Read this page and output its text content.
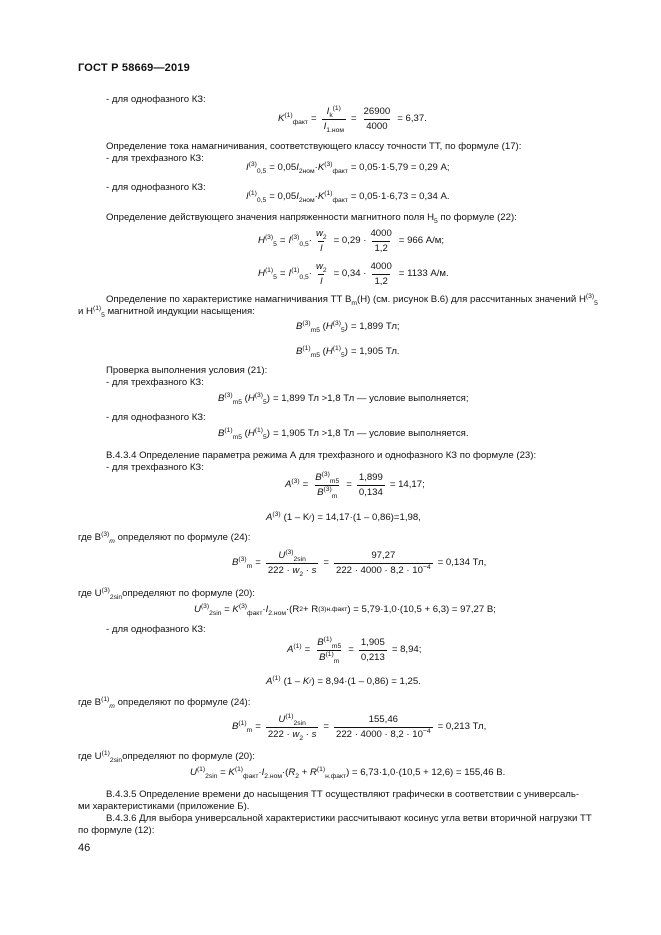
ГОСТ Р 58669—2019
- для однофазного КЗ:
$K^{(1)}_{факт} = \frac{I_k^{(1)}}{I_{1.ном}} = \frac{26900}{4000} = 6,37$.
Определение тока намагничивания, соответствующего классу точности ТТ, по формуле (17):
- для трехфазного КЗ:
$I^{(3)}_{0,5} = 0,05I_{2ном}\cdot K^{(3)}_{факт} = 0,05\cdot 1\cdot 5,79 = 0,29$ А;
- для однофазного КЗ:
$I^{(1)}_{0,5} = 0,05I_{2ном}\cdot K^{(1)}_{факт} = 0,05\cdot 1\cdot 6,73 = 0,34$ А.
Определение действующего значения напряженности магнитного поля $H_5$ по формуле (22):
$H^{(3)}_5 = I^{(3)}_{0,5}\cdot \frac{w_2}{l} = 0,29 \cdot \frac{4000}{1,2} = 966$ А/м;
$H^{(1)}_5 = I^{(1)}_{0,5}\cdot \frac{w_2}{l} = 0,34 \cdot \frac{4000}{1,2} = 1133$ А/м.
Определение по характеристике намагничивания ТТ $B_m(H)$ (см. рисунок В.6) для рассчитанных значений $H^{(3)}_5$
и $H^{(1)}_5$ магнитной индукции насыщения:
$B^{(3)}_{m5}$ $(H^{(3)}_5) = 1,899$ Тл;
$B^{(1)}_{m5}$ $(H^{(1)}_5) = 1,905$ Тл.
Проверка выполнения условия (21):
- для трехфазного КЗ:
$B^{(3)}_{m5}$ $(H^{(3)}_5) = 1,899$ Тл >1,8 Тл — условие выполняется;
- для однофазного КЗ:
$B^{(1)}_{m5}$ $(H^{(1)}_5) = 1,905$ Тл >1,8 Тл — условие выполняется.
В.4.3.4 Определение параметра режима А для трехфазного и однофазного КЗ по формуле (23):
- для трехфазного КЗ:
$A^{(3)} = \frac{B^{(3)}_{m5}}{B^{(3)}_m} = \frac{1,899}{0,134} = 14,17$;
$A^{(3)}$ (1 – K r ) = 14,17·(1 – 0,86)=1,98,
где $B^{(3)}_m$ определяют по формуле (24):
$B^{(3)}_m = \frac{U^{(3)}_{2sin}}{222 \cdot w_2 \cdot s} = \frac{97,27}{222 \cdot 4000 \cdot 8,2 \cdot 10^{-4}} = 0,134$ Тл,
где $U^{(3)}_{2sin}определяют$ по формуле (20):
$U^{(3)}_{2sin} = K^{(3)}_{факт}\cdot I_{2.ном} \cdot(R$ 2 + R (3) н.факт ) = 5,79·1,0·(10,5 + 6,3) = 97,27 В;
- для однофазного КЗ:
$A^{(1)} = \frac{B^{(1)}_{m5}}{B^{(1)}_m} = \frac{1,905}{0,213} = 8,94$;
$A^{(1)}$ (1 – K r ) = 8,94·(1 – 0,86) = 1,25.
где $B^{(1)}_m$ определяют по формуле (24):
$B^{(1)}_m = \frac{U^{(1)}_{2sin}}{222 \cdot w_2 \cdot s} = \frac{155,46}{222 \cdot 4000 \cdot 8,2 \cdot 10^{-4}} = 0,213$ Тл,
где $U^{(1)}_{2sin}определяют$ по формуле (20):
$U^{(1)}_{2sin} = K^{(1)}_{факт}\cdot I_{2.ном}\cdot(R_2 + R^{(1)}_{н.факт}$ ) = 6,73·1,0·(10,5 + 12,6) = 155,46 В.
В.4.3.5 Определение времени до насыщения ТТ осуществляют графически в соответствии с универсаль-
ми характеристиками (приложение Б).
В.4.3.6 Для выбора универсальной характеристики рассчитывают косинус угла ветви вторичной нагрузки ТТ
по формуле (12):
46
